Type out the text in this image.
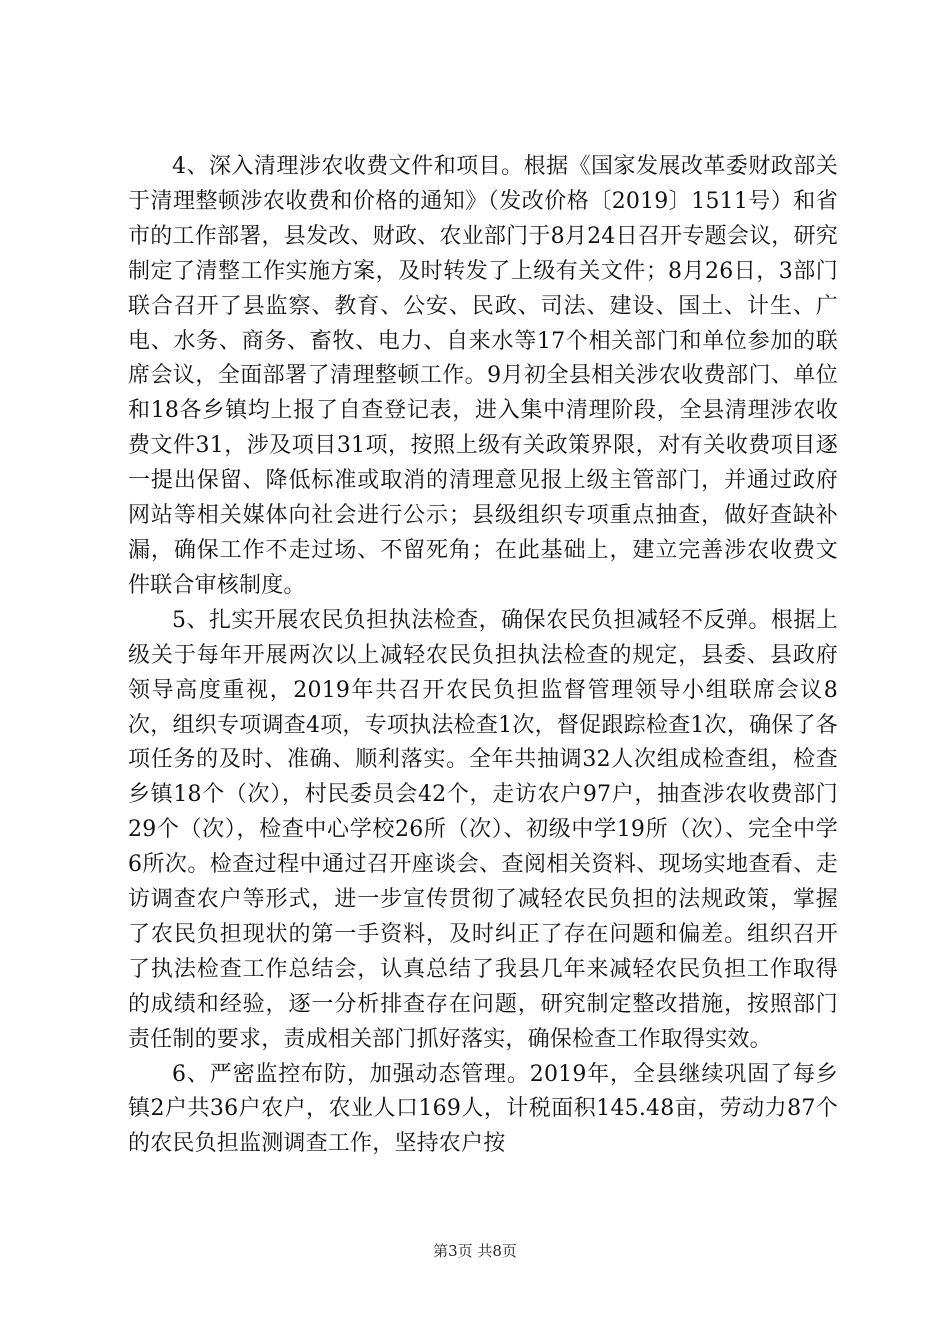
4、深入清理涉农收费文件和项目。根据《国家发展改革委财政部关于清理整顿涉农收费和价格的通知》（发改价格〔2019〕1511号）和省市的工作部署，县发改、财政、农业部门于8月24日召开专题会议，研究制定了清整工作实施方案，及时转发了上级有关文件；8月26日，3部门联合召开了县监察、教育、公安、民政、司法、建设、国土、计生、广电、水务、商务、畜牧、电力、自来水等17个相关部门和单位参加的联席会议，全面部署了清理整顿工作。9月初全县相关涉农收费部门、单位和18各乡镇均上报了自查登记表，进入集中清理阶段，全县清理涉农收费文件31，涉及项目31项，按照上级有关政策界限，对有关收费项目逐一提出保留、降低标准或取消的清理意见报上级主管部门，并通过政府网站等相关媒体向社会进行公示；县级组织专项重点抽查，做好查缺补漏，确保工作不走过场、不留死角；在此基础上，建立完善涉农收费文件联合审核制度。

5、扎实开展农民负担执法检查，确保农民负担减轻不反弹。根据上级关于每年开展两次以上减轻农民负担执法检查的规定，县委、县政府领导高度重视，2019年共召开农民负担监督管理领导小组联席会议8次，组织专项调查4项，专项执法检查1次，督促跟踪检查1次，确保了各项任务的及时、准确、顺利落实。全年共抽调32人次组成检查组，检查乡镇18个（次），村民委员会42个，走访农户97户，抽查涉农收费部门29个（次），检查中心学校26所（次）、初级中学19所（次）、完全中学6所次。检查过程中通过召开座谈会、查阅相关资料、现场实地查看、走访调查农户等形式，进一步宣传贯彻了减轻农民负担的法规政策，掌握了农民负担现状的第一手资料，及时纠正了存在问题和偏差。组织召开了执法检查工作总结会，认真总结了我县几年来减轻农民负担工作取得的成绩和经验，逐一分析排查存在问题，研究制定整改措施，按照部门责任制的要求，责成相关部门抓好落实，确保检查工作取得实效。

6、严密监控布防，加强动态管理。2019年，全县继续巩固了每乡镇2户共36户农户，农业人口169人，计税面积145.48亩，劳动力87个的农民负担监测调查工作，坚持农户按

第3页 共8页
